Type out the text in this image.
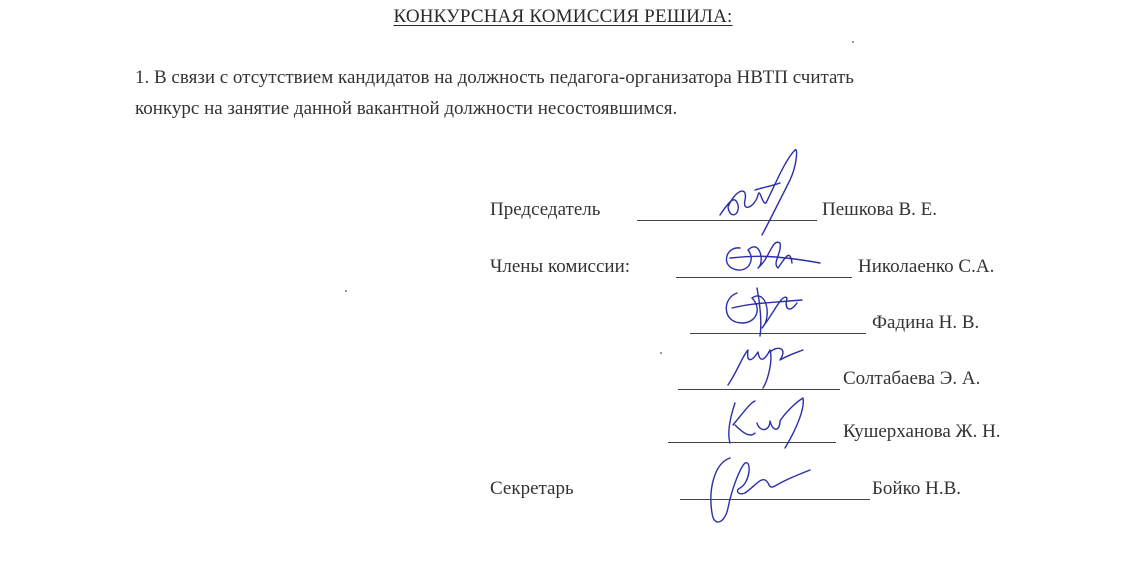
КОНКУРСНАЯ КОМИССИЯ РЕШИЛА:
1. В связи с отсутствием кандидатов на должность педагога-организатора НВТП считать
конкурс на занятие данной вакантной должности несостоявшимся.
Председатель	Пешкова В. Е.
Члены комиссии:	Николаенко С.А.
Фадина Н. В.
Солтабаева Э. А.
Кушерханова Ж. Н.
Секретарь	Бойко Н.В.
